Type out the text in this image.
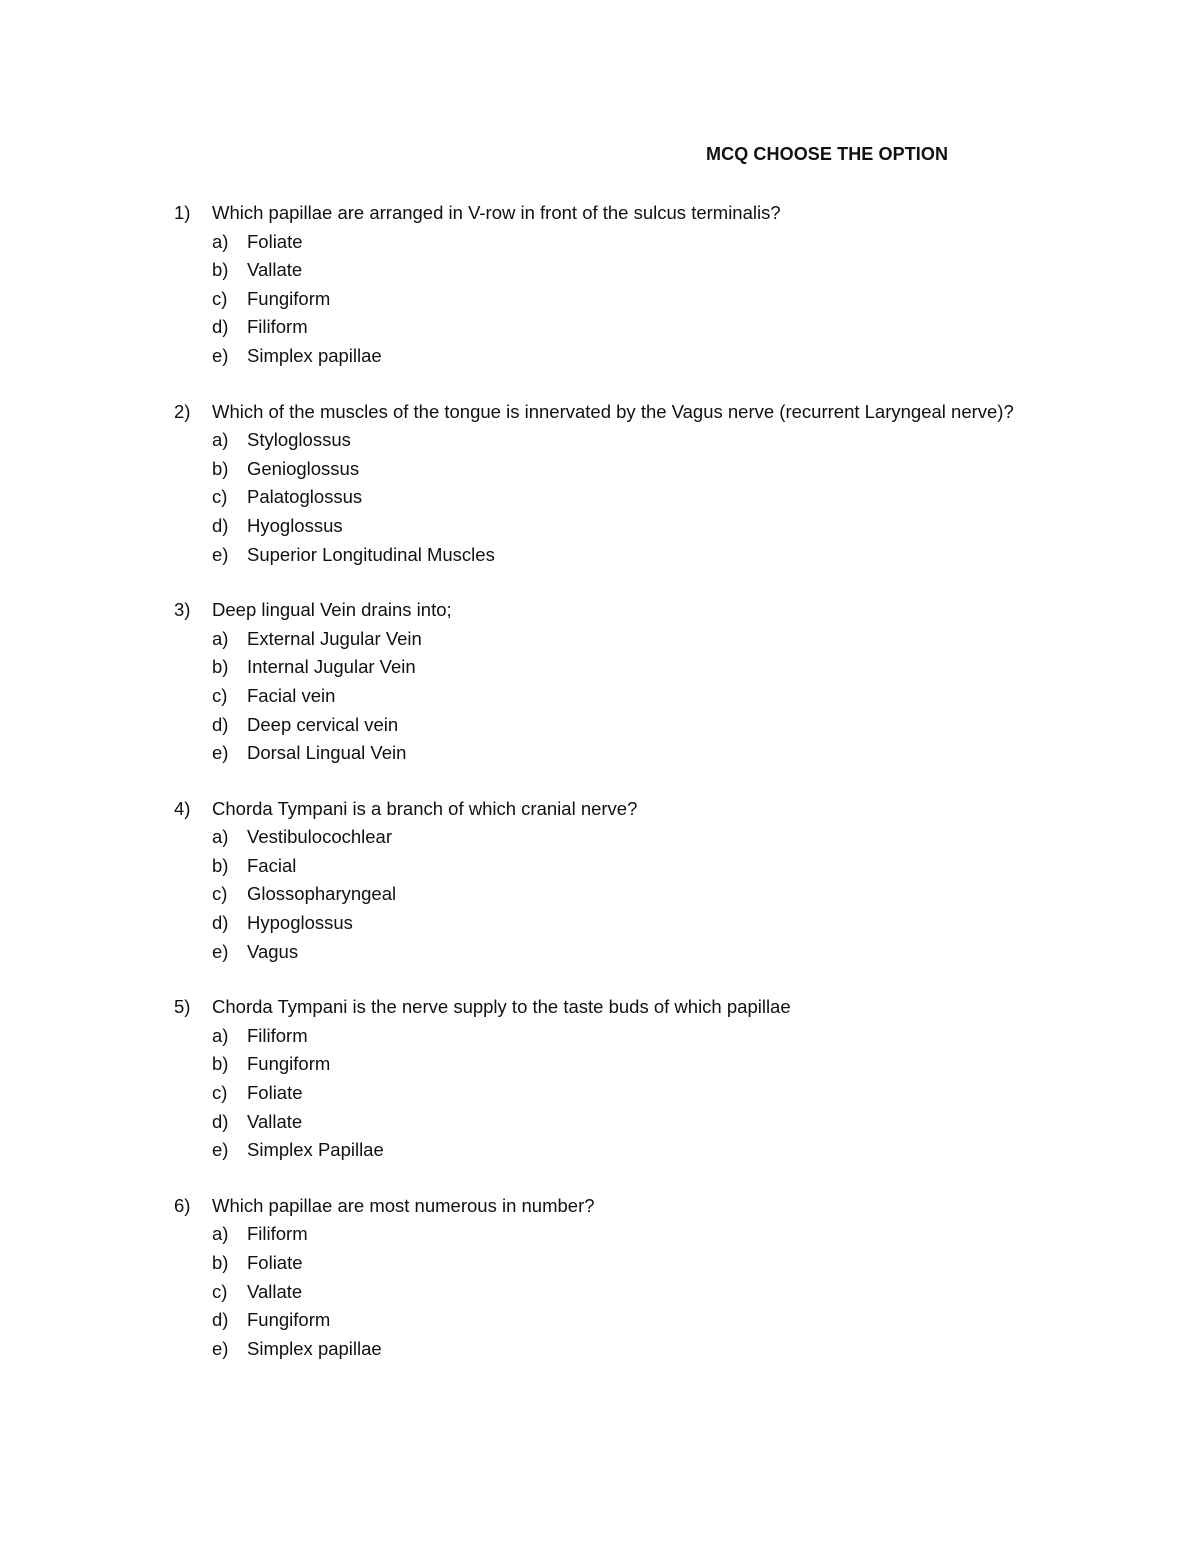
MCQ CHOOSE THE OPTION
1)	Which papillae are arranged in V-row in front of the sulcus terminalis?
a)	Foliate
b)	Vallate
c)	Fungiform
d)	Filiform
e)	Simplex papillae
2)	Which of the muscles of the tongue is innervated by the Vagus nerve (recurrent Laryngeal nerve)?
a)	Styloglossus
b)	Genioglossus
c)	Palatoglossus
d)	Hyoglossus
e)	Superior Longitudinal Muscles
3)	Deep lingual Vein drains into;
a)	External Jugular Vein
b)	Internal Jugular Vein
c)	Facial vein
d)	Deep cervical vein
e)	Dorsal Lingual Vein
4)	Chorda Tympani is a branch of which cranial nerve?
a)	Vestibulocochlear
b)	Facial
c)	Glossopharyngeal
d)	Hypoglossus
e)	Vagus
5)	Chorda Tympani is the nerve supply to the taste buds of which papillae
a)	Filiform
b)	Fungiform
c)	Foliate
d)	Vallate
e)	Simplex Papillae
6)	Which papillae are most numerous in number?
a)	Filiform
b)	Foliate
c)	Vallate
d)	Fungiform
e)	Simplex papillae
